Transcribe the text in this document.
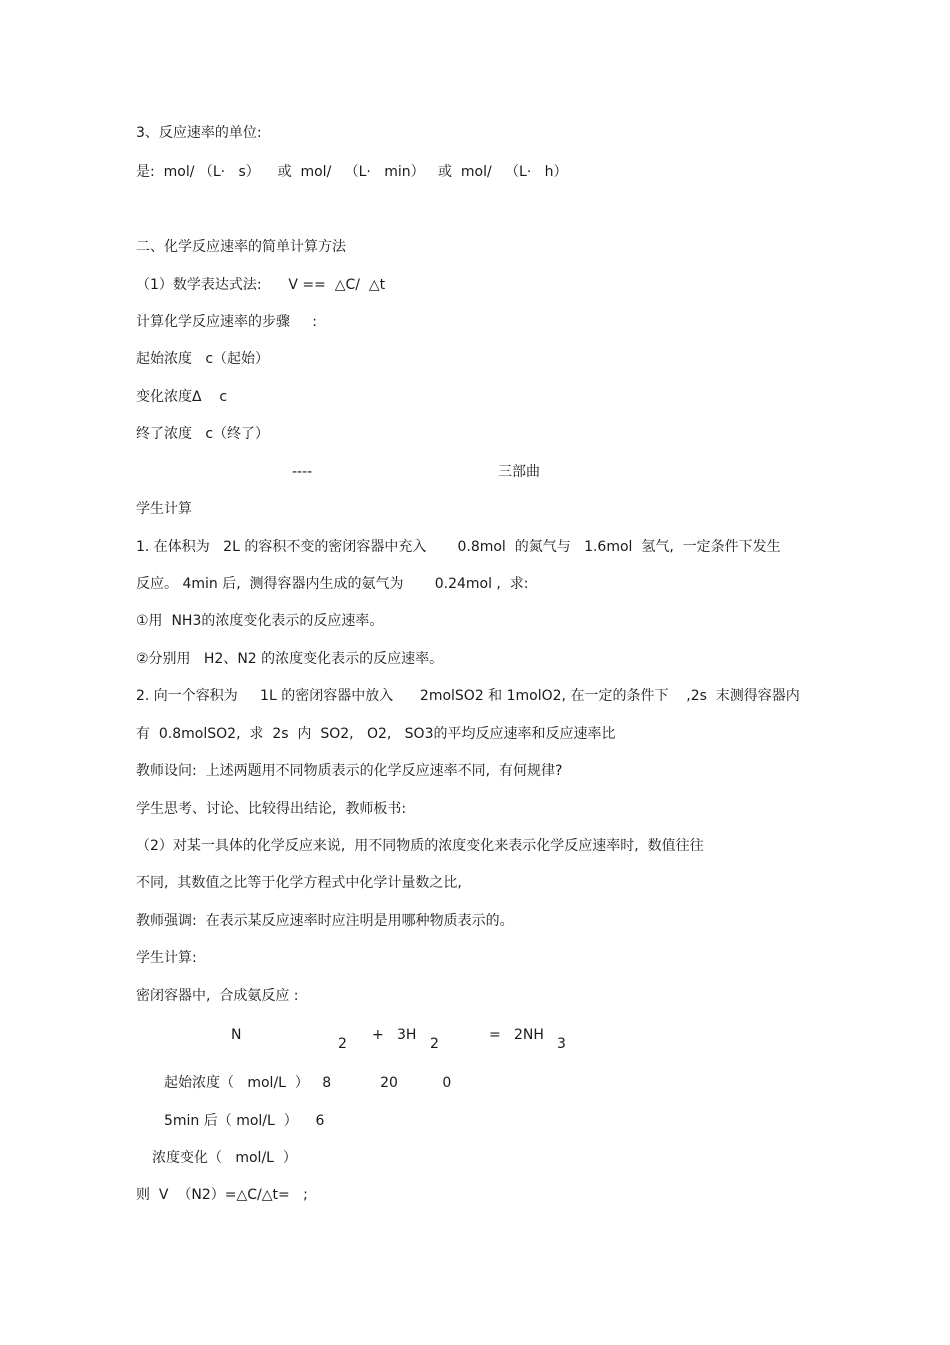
3、反应速率的单位:
是:  mol/ （L·   s）    或  mol/   （L·   min）   或  mol/   （L·   h）
二、化学反应速率的简单计算方法
（1）数学表达式法:      V ==  △C/  △t
计算化学反应速率的步骤     :
起始浓度   c（起始）
变化浓度Δ    c
终了浓度   c（终了）
----	三部曲
学生计算
1. 在体积为   2L 的容积不变的密闭容器中充入       0.8mol  的氮气与   1.6mol  氢气,  一定条件下发生
反应。 4min 后,  测得容器内生成的氨气为       0.24mol ,  求:
①用  NH3的浓度变化表示的反应速率。
②分别用   H2、N2 的浓度变化表示的反应速率。
2. 向一个容积为     1L 的密闭容器中放入      2molSO2 和 1molO2, 在一定的条件下    ,2s  末测得容器内
有  0.8molSO2,  求  2s  内  SO2,   O2,   SO3的平均反应速率和反应速率比
教师设问:  上述两题用不同物质表示的化学反应速率不同,  有何规律?
学生思考、讨论、比较得出结论,  教师板书:
（2）对某一具体的化学反应来说,  用不同物质的浓度变化来表示化学反应速率时,  数值往往
不同,  其数值之比等于化学方程式中化学计量数之比,
教师强调:  在表示某反应速率时应注明是用哪种物质表示的。
学生计算:
密闭容器中,  合成氨反应 :
N
2
+ 3H
2
= 2NH
3
起始浓度（   mol/L  ）   8           20          0
5min 后（ mol/L  ）    6
浓度变化（   mol/L  ）
则  V  （N2）=△C/△t=   ;
